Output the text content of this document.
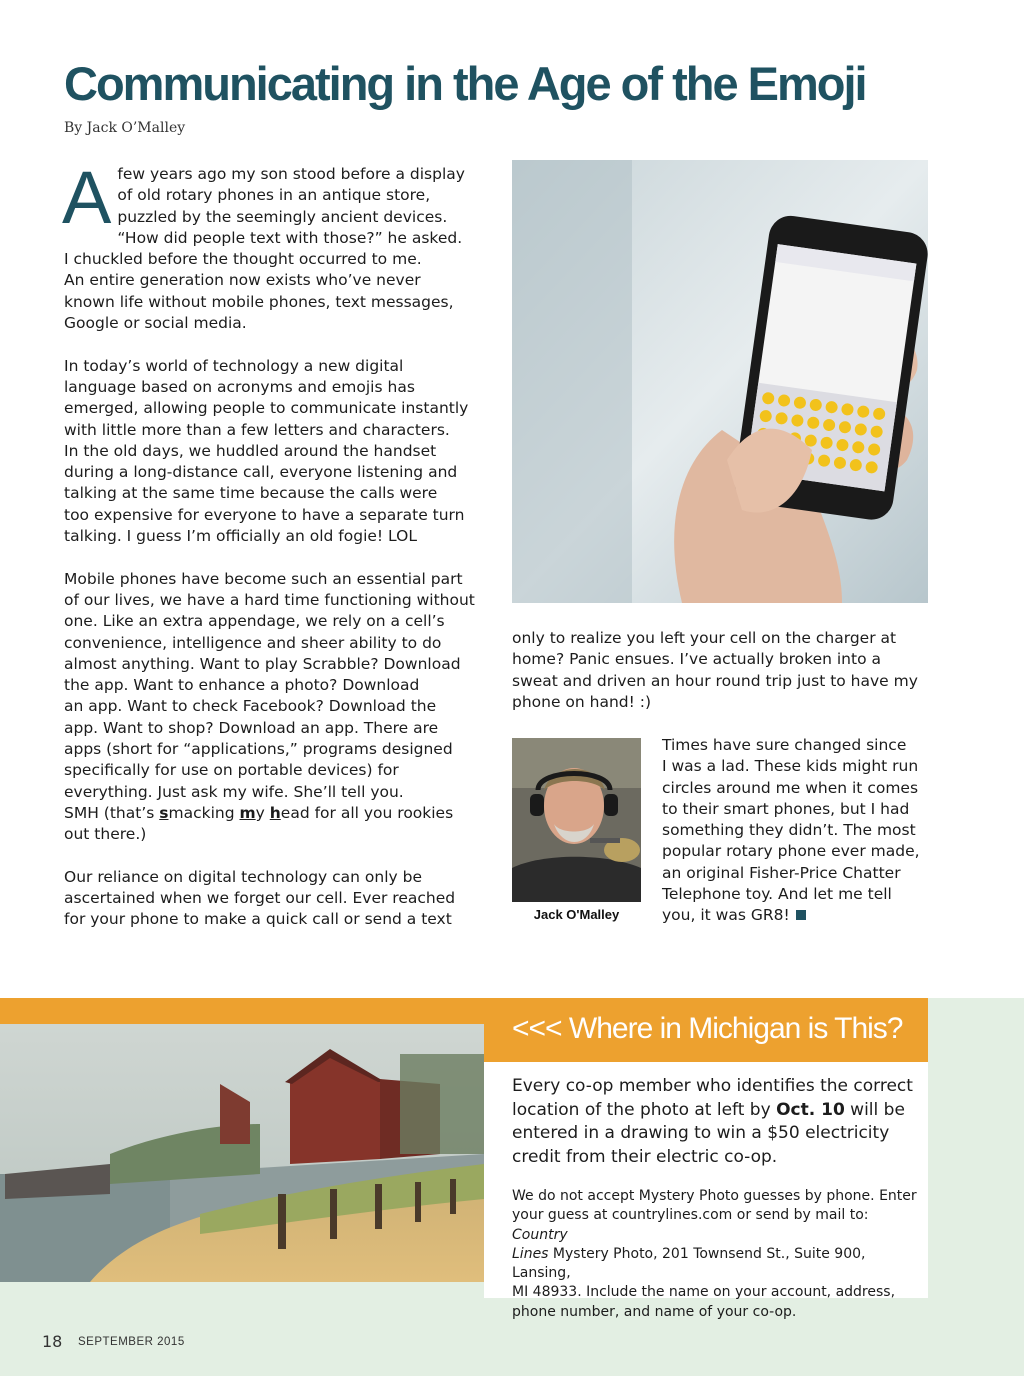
Communicating in the Age of the Emoji
By Jack O’Malley

Afew years ago my son stood before a display
of old rotary phones in an antique store,
puzzled by the seemingly ancient devices.
“How did people text with those?” he asked.
I chuckled before the thought occurred to me.
An entire generation now exists who’ve never
known life without mobile phones, text messages,
Google or social media.

In today’s world of technology a new digital
language based on acronyms and emojis has
emerged, allowing people to communicate instantly
with little more than a few letters and characters.
In the old days, we huddled around the handset
during a long-distance call, everyone listening and
talking at the same time because the calls were
too expensive for everyone to have a separate turn
talking. I guess I’m officially an old fogie! LOL

Mobile phones have become such an essential part
of our lives, we have a hard time functioning without
one. Like an extra appendage, we rely on a cell’s
convenience, intelligence and sheer ability to do
almost anything. Want to play Scrabble? Download
the app. Want to enhance a photo? Download
an app. Want to check Facebook? Download the
app. Want to shop? Download an app. There are
apps (short for “applications,” programs designed
specifically for use on portable devices) for
everything. Just ask my wife. She’ll tell you.
SMH (that’s smacking my head for all you rookies
out there.)

Our reliance on digital technology can only be
ascertained when we forget our cell. Ever reached
for your phone to make a quick call or send a text

only to realize you left your cell on the charger at
home? Panic ensues. I’ve actually broken into a
sweat and driven an hour round trip just to have my
phone on hand! :)

Jack O'Malley

Times have sure changed since
I was a lad. These kids might run
circles around me when it comes
to their smart phones, but I had
something they didn’t. The most
popular rotary phone ever made,
an original Fisher-Price Chatter
Telephone toy. And let me tell
you, it was GR8!

<<< Where in Michigan is This?
Every co-op member who identifies the correct
location of the photo at left by Oct. 10 will be
entered in a drawing to win a $50 electricity
credit from their electric co-op.
We do not accept Mystery Photo guesses by phone. Enter
your guess at countrylines.com or send by mail to: Country
Lines Mystery Photo, 201 Townsend St., Suite 900, Lansing,
MI 48933. Include the name on your account, address,
phone number, and name of your co-op.
18 SEPTEMBER 2015
